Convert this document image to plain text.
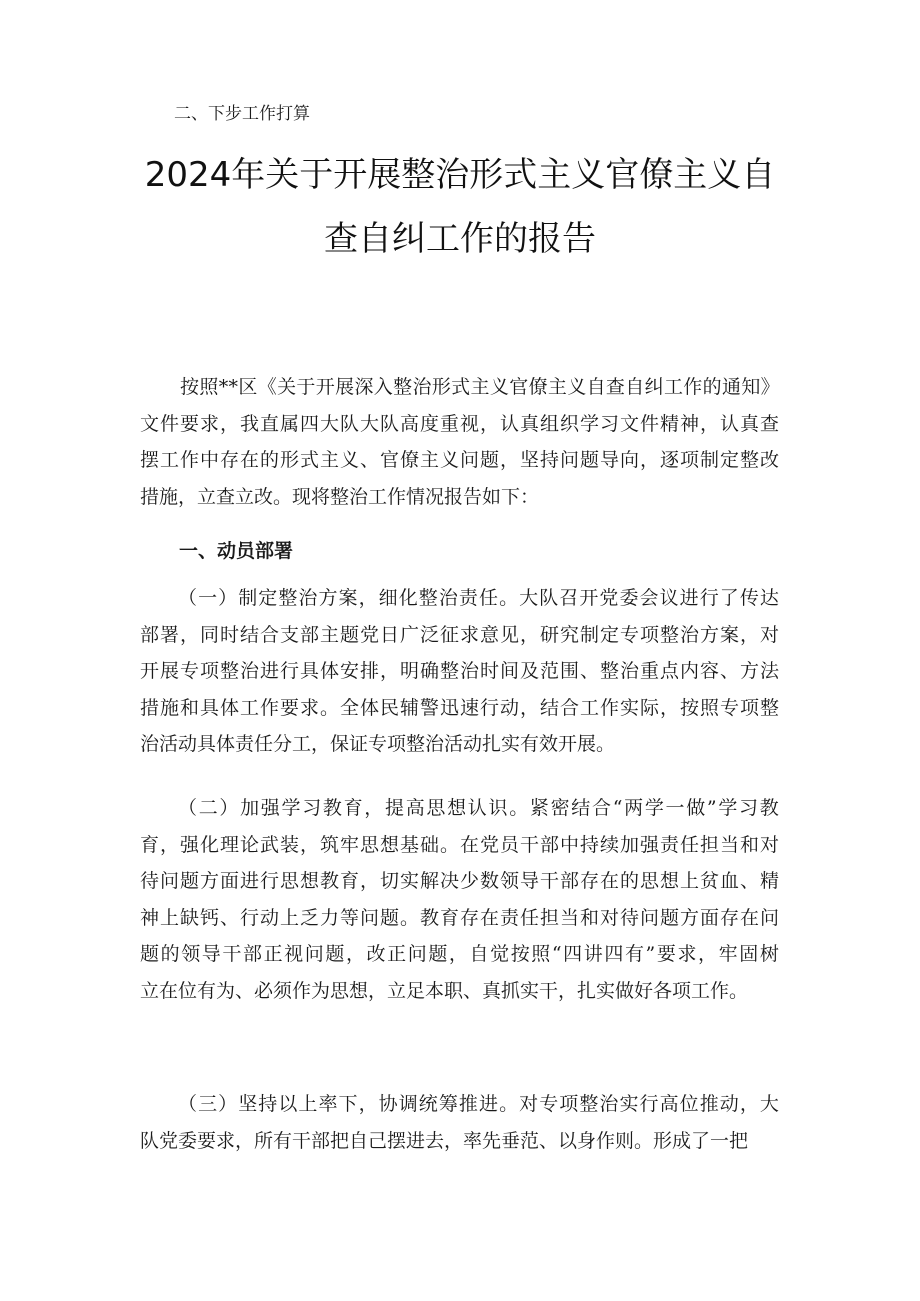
二、下步工作打算
2024年关于开展整治形式主义官僚主义自
查自纠工作的报告
按照**区《关于开展深入整治形式主义官僚主义自查自纠工作的通知》
文件要求，我直属四大队大队高度重视，认真组织学习文件精神，认真查
摆工作中存在的形式主义、官僚主义问题，坚持问题导向，逐项制定整改
措施，立查立改。现将整治工作情况报告如下：
一、动员部署
（一）制定整治方案，细化整治责任。大队召开党委会议进行了传达
部署，同时结合支部主题党日广泛征求意见，研究制定专项整治方案，对
开展专项整治进行具体安排，明确整治时间及范围、整治重点内容、方法
措施和具体工作要求。全体民辅警迅速行动，结合工作实际，按照专项整
治活动具体责任分工，保证专项整治活动扎实有效开展。
（二）加强学习教育，提高思想认识。紧密结合“两学一做”学习教
育，强化理论武装，筑牢思想基础。在党员干部中持续加强责任担当和对
待问题方面进行思想教育，切实解决少数领导干部存在的思想上贫血、精
神上缺钙、行动上乏力等问题。教育存在责任担当和对待问题方面存在问
题的领导干部正视问题，改正问题，自觉按照“四讲四有”要求，牢固树
立在位有为、必须作为思想，立足本职、真抓实干，扎实做好各项工作。
（三）坚持以上率下，协调统筹推进。对专项整治实行高位推动，大
队党委要求，所有干部把自己摆进去，率先垂范、以身作则。形成了一把
